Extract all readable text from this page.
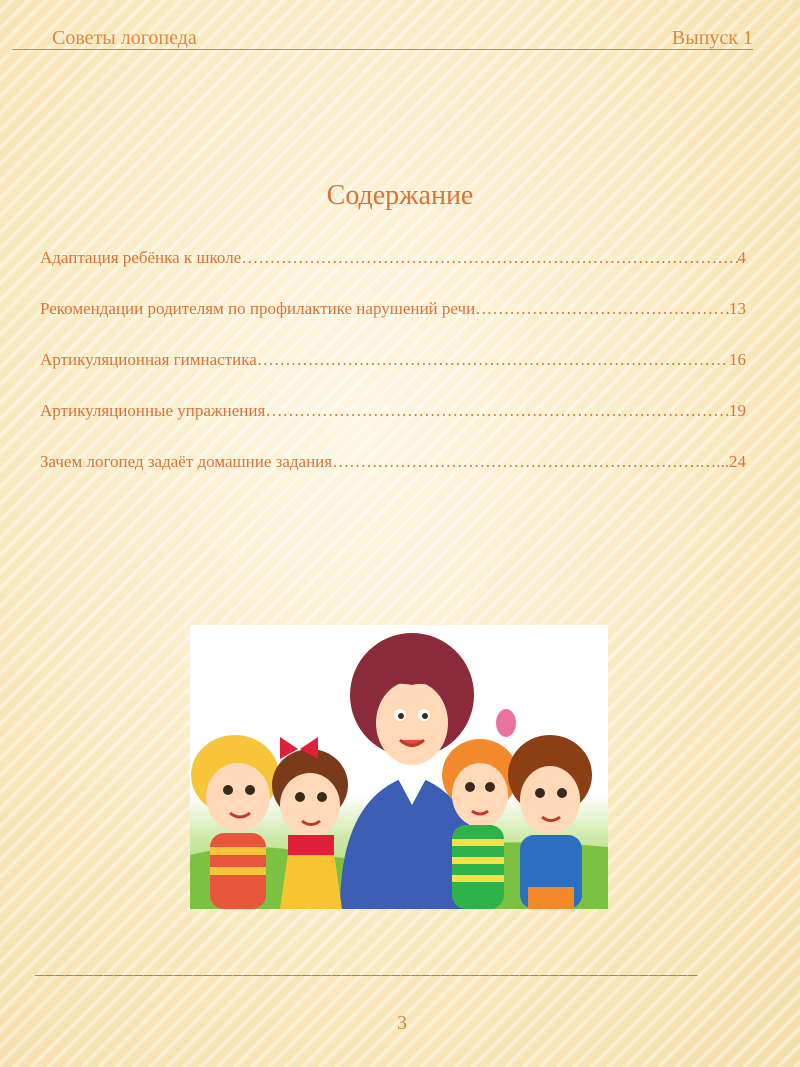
Советы логопеда	Выпуск 1
Содержание
Адаптация ребёнка к школе ………………………………………………………………………………………………………………………………………………………………	4
Рекомендации родителям по профилактике нарушений речи ………………………………………………………………………………………………………………………………………………………………	13
Артикуляционная гимнастика ………………………………………………………………………………………………………………………………………………………………	16
Артикуляционные упражнения ………………………………………………………………………………………………………………………………………………………………	19
Зачем логопед задаёт домашние задания ………………………………………………………………………………………………………………………………………………………………	…...24
___________________________________________________________________
3
